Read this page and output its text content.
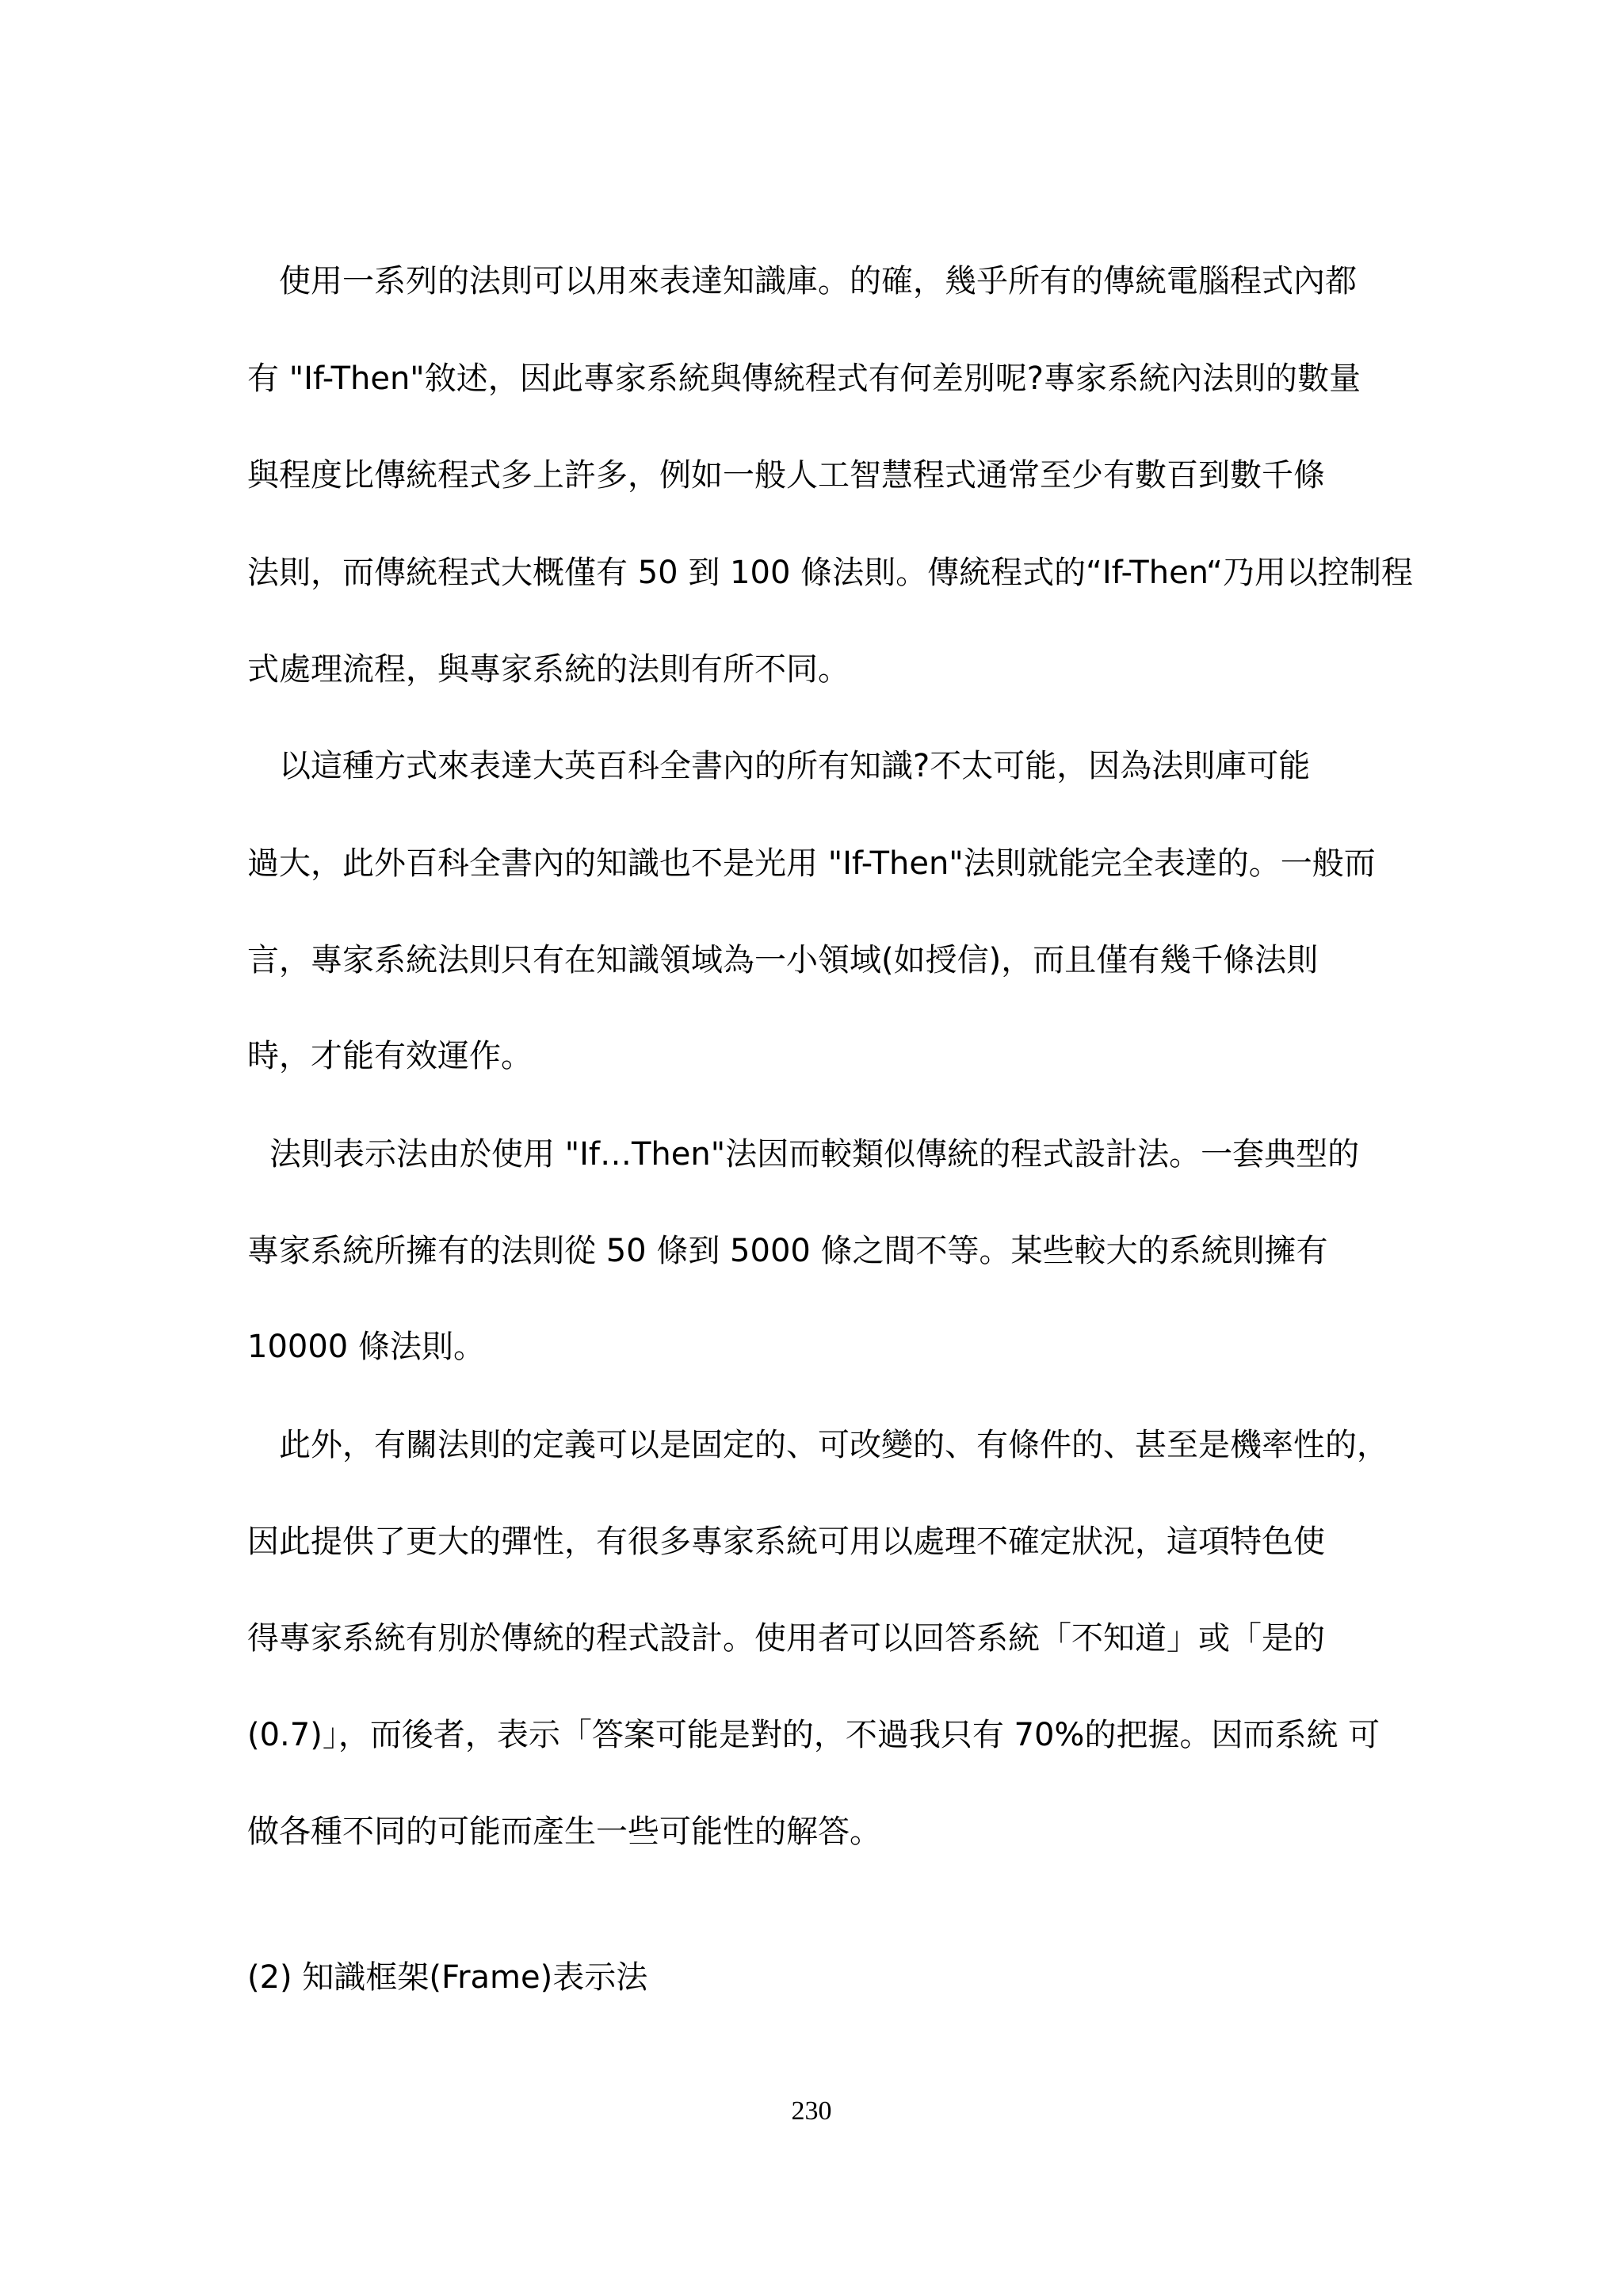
使用一系列的法則可以用來表達知識庫。的確，幾乎所有的傳統電腦程式內都
有 "If-Then"敘述，因此專家系統與傳統程式有何差別呢?專家系統內法則的數量
與程度比傳統程式多上許多，例如一般人工智慧程式通常至少有數百到數千條
法則，而傳統程式大概僅有 50 到 100 條法則。傳統程式的“If-Then“乃用以控制程
式處理流程，與專家系統的法則有所不同。
以這種方式來表達大英百科全書內的所有知識?不太可能，因為法則庫可能
過大，此外百科全書內的知識也不是光用 "If-Then"法則就能完全表達的。一般而
言，專家系統法則只有在知識領域為一小領域(如授信)，而且僅有幾千條法則
時，才能有效運作。
法則表示法由於使用 "If…Then"法因而較類似傳統的程式設計法。一套典型的
專家系統所擁有的法則從 50 條到 5000 條之間不等。某些較大的系統則擁有
10000 條法則。
此外，有關法則的定義可以是固定的、可改變的、有條件的、甚至是機率性的，
因此提供了更大的彈性，有很多專家系統可用以處理不確定狀況，這項特色使
得專家系統有別於傳統的程式設計。使用者可以回答系統「不知道」或「是的
(0.7)」，而後者，表示「答案可能是對的，不過我只有 70%的把握。因而系統 可
做各種不同的可能而產生一些可能性的解答。
(2) 知識框架(Frame)表示法
230
